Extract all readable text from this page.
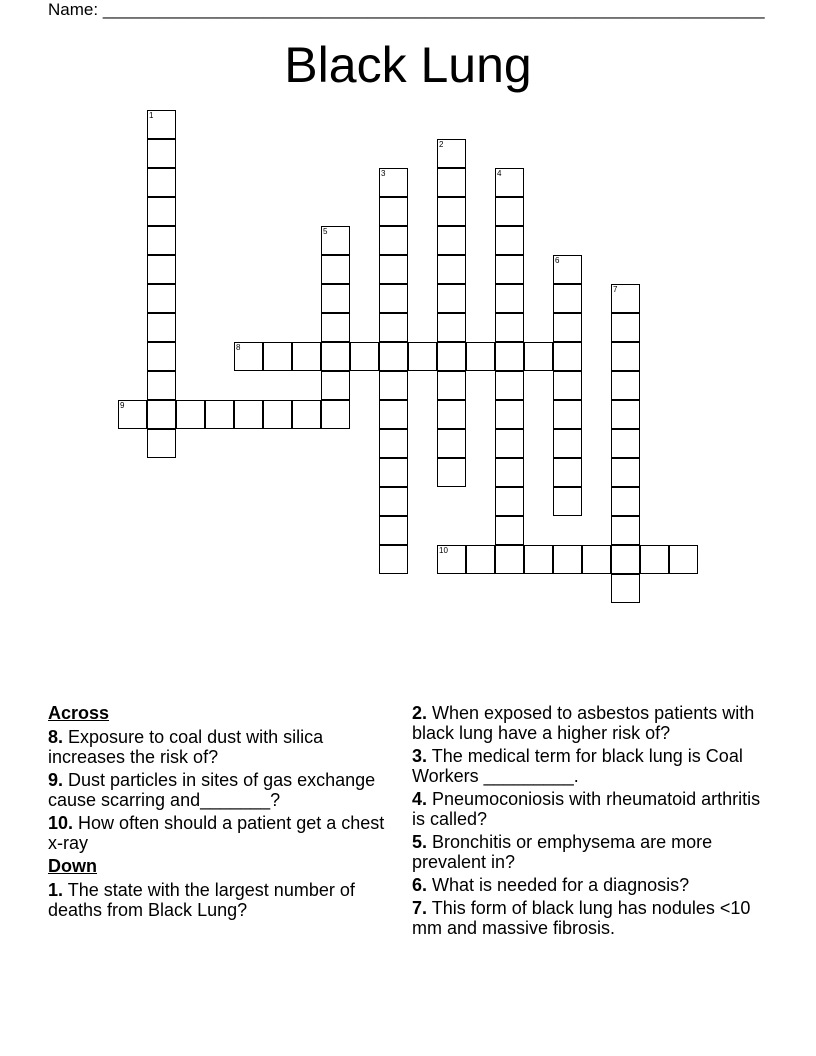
Name: ______________________________________________________________________
Black Lung
1
2
3	4
5
6
7
8
9
10
Across
8. Exposure to coal dust with silica increases the risk of?
9. Dust particles in sites of gas exchange cause scarring and_______?
10. How often should a patient get a chest x-ray
Down
1. The state with the largest number of deaths from Black Lung?
2. When exposed to asbestos patients with black lung have a higher risk of?
3. The medical term for black lung is Coal Workers _________.
4. Pneumoconiosis with rheumatoid arthritis is called?
5. Bronchitis or emphysema are more prevalent in?
6. What is needed for a diagnosis?
7. This form of black lung has nodules <10 mm and massive fibrosis.
